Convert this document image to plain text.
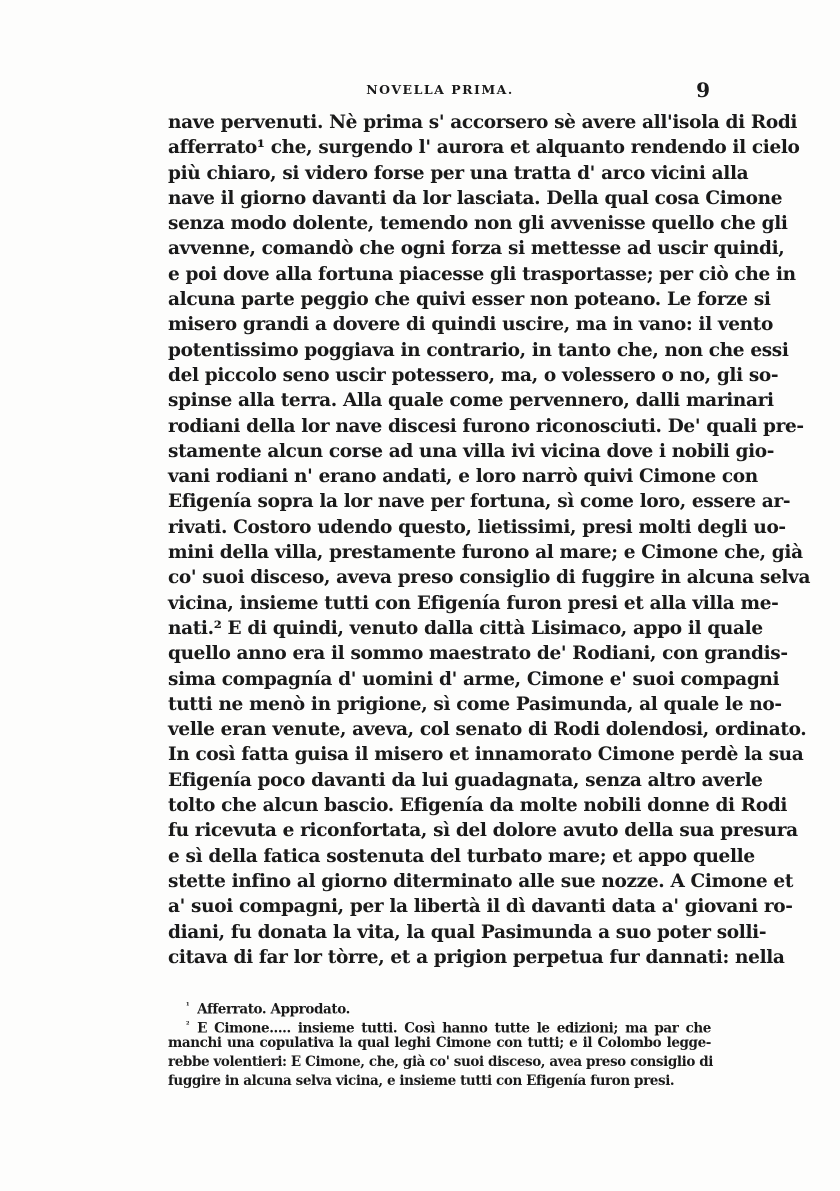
NOVELLA PRIMA.	9
nave pervenuti. Nè prima s' accorsero sè avere all'isola di Rodi
afferrato¹ che, surgendo l' aurora et alquanto rendendo il cielo
più chiaro, si videro forse per una tratta d' arco vicini alla
nave il giorno davanti da lor lasciata. Della qual cosa Cimone
senza modo dolente, temendo non gli avvenisse quello che gli
avvenne, comandò che ogni forza si mettesse ad uscir quindi,
e poi dove alla fortuna piacesse gli trasportasse; per ciò che in
alcuna parte peggio che quivi esser non poteano. Le forze si
misero grandi a dovere di quindi uscire, ma in vano: il vento
potentissimo poggiava in contrario, in tanto che, non che essi
del piccolo seno uscir potessero, ma, o volessero o no, gli so-
spinse alla terra. Alla quale come pervennero, dalli marinari
rodiani della lor nave discesi furono riconosciuti. De' quali pre-
stamente alcun corse ad una villa ivi vicina dove i nobili gio-
vani rodiani n' erano andati, e loro narrò quivi Cimone con
Efigenía sopra la lor nave per fortuna, sì come loro, essere ar-
rivati. Costoro udendo questo, lietissimi, presi molti degli uo-
mini della villa, prestamente furono al mare; e Cimone che, già
co' suoi disceso, aveva preso consiglio di fuggire in alcuna selva
vicina, insieme tutti con Efigenía furon presi et alla villa me-
nati.² E di quindi, venuto dalla città Lisimaco, appo il quale
quello anno era il sommo maestrato de' Rodiani, con grandis-
sima compagnía d' uomini d' arme, Cimone e' suoi compagni
tutti ne menò in prigione, sì come Pasimunda, al quale le no-
velle eran venute, aveva, col senato di Rodi dolendosi, ordinato.
In così fatta guisa il misero et innamorato Cimone perdè la sua
Efigenía poco davanti da lui guadagnata, senza altro averle
tolto che alcun bascio. Efigenía da molte nobili donne di Rodi
fu ricevuta e riconfortata, sì del dolore avuto della sua presura
e sì della fatica sostenuta del turbato mare; et appo quelle
stette infino al giorno diterminato alle sue nozze. A Cimone et
a' suoi compagni, per la libertà il dì davanti data a' giovani ro-
diani, fu donata la vita, la qual Pasimunda a suo poter solli-
citava di far lor tòrre, et a prigion perpetua fur dannati: nella
$^{^1}$ Afferrato. Approdato.
$^{^2}$ E Cimone..... insieme tutti. Così hanno tutte le edizioni; ma par che
manchi una copulativa la qual leghi Cimone con tutti; e il Colombo legge-
rebbe volentieri: E Cimone, che, già co' suoi disceso, avea preso consiglio di
fuggire in alcuna selva vicina, e insieme tutti con Efigenía furon presi.
